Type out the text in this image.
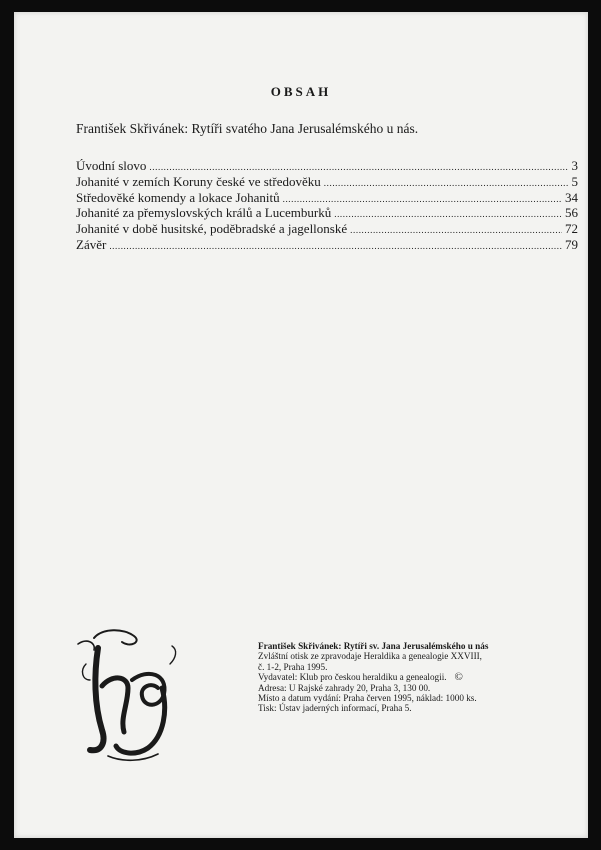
OBSAH
František Skřivánek: Rytíři svatého Jana Jerusalémského u nás.
Úvodní slovo .....	3
Johanité v zemích Koruny české ve středověku .....	5
Středověké komendy a lokace Johanitů .....	34
Johanité za přemyslovských králů a Lucemburků .....	56
Johanité v době husitské, poděbradské a jagellonské .....	72
Závěr .....	79
hg
František Skřivánek: Rytíři sv. Jana Jerusalémského u nás
Zvláštní otisk ze zpravodaje Heraldika a genealogie XXVIII,
č. 1-2, Praha 1995.
Vydavatel: Klub pro českou heraldiku a genealogii. ©
Adresa: U Rajské zahrady 20, Praha 3, 130 00.
Místo a datum vydání: Praha červen 1995, náklad: 1000 ks.
Tisk: Ústav jaderných informací, Praha 5.
